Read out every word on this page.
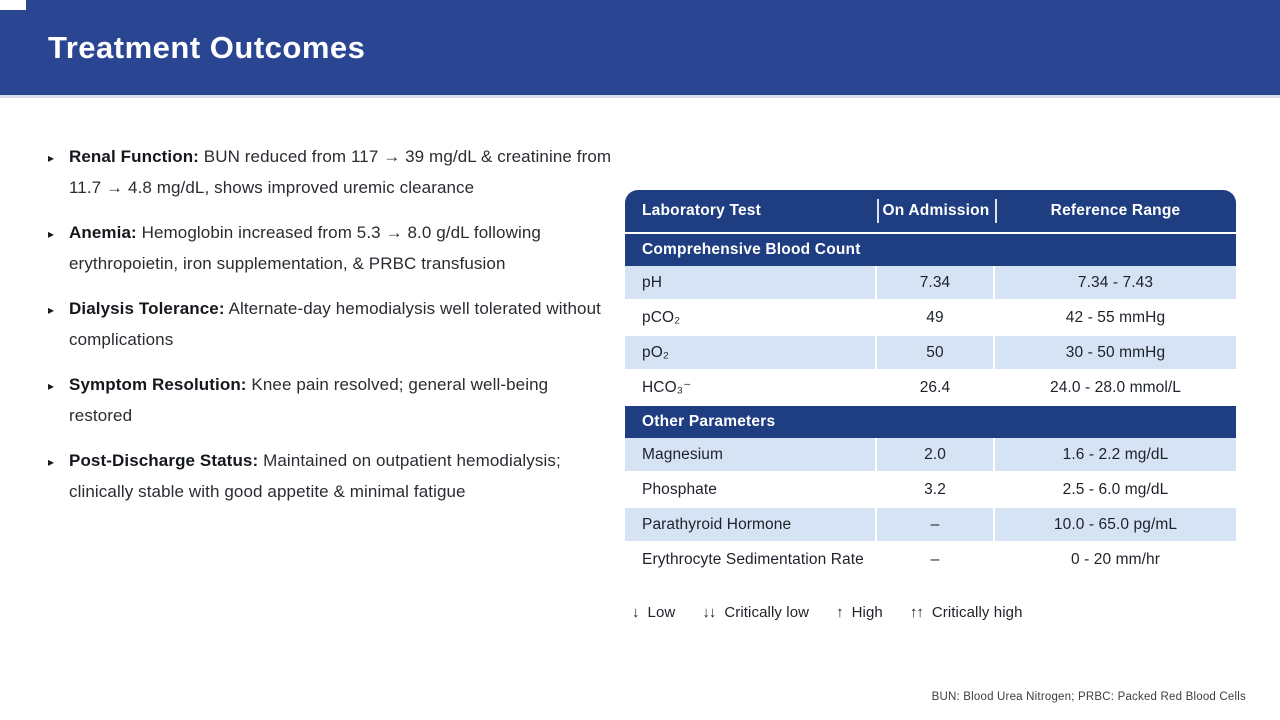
Treatment Outcomes
▸ Renal Function: BUN reduced from 117 → 39 mg/dL & creatinine from 11.7 → 4.8 mg/dL, shows improved uremic clearance
▸ Anemia: Hemoglobin increased from 5.3 → 8.0 g/dL following erythropoietin, iron supplementation, & PRBC transfusion
▸ Dialysis Tolerance: Alternate-day hemodialysis well tolerated without complications
▸ Symptom Resolution: Knee pain resolved; general well-being restored
▸ Post-Discharge Status: Maintained on outpatient hemodialysis; clinically stable with good appetite & minimal fatigue
Laboratory Test	On Admission	Reference Range
Comprehensive Blood Count
pH	7.34	7.34 - 7.43
pCO₂	49	42 - 55 mmHg
pO₂	50	30 - 50 mmHg
HCO₃⁻	26.4	24.0 - 28.0 mmol/L
Other Parameters
Magnesium	2.0	1.6 - 2.2 mg/dL
Phosphate	3.2	2.5 - 6.0 mg/dL
Parathyroid Hormone	–	10.0 - 65.0 pg/mL
Erythrocyte Sedimentation Rate	–	0 - 20 mm/hr
↓ Low ↓↓ Critically low ↑ High ↑↑ Critically high
BUN: Blood Urea Nitrogen; PRBC: Packed Red Blood Cells
